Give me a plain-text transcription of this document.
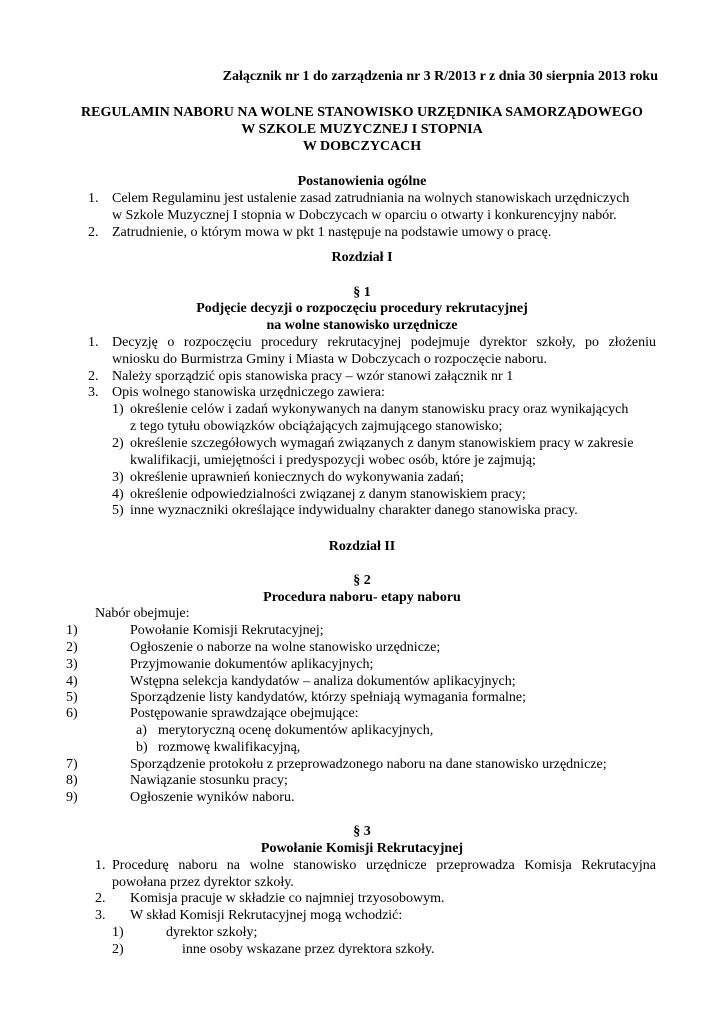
Załącznik nr 1 do zarządzenia nr 3 R/2013 r z dnia 30 sierpnia 2013 roku
REGULAMIN NABORU NA WOLNE STANOWISKO URZĘDNIKA SAMORZĄDOWEGO
W SZKOLE MUZYCZNEJ I STOPNIA
W DOBCZYCACH
Postanowienia ogólne
1. Celem Regulaminu jest ustalenie zasad zatrudniania na wolnych stanowiskach urzędniczych
w Szkole Muzycznej I stopnia w Dobczycach w oparciu o otwarty i konkurencyjny nabór.
2. Zatrudnienie, o którym mowa w pkt 1 następuje na podstawie umowy o pracę.
Rozdział I
§ 1
Podjęcie decyzji o rozpoczęciu procedury rekrutacyjnej
na wolne stanowisko urzędnicze
1. Decyzję o rozpoczęciu procedury rekrutacyjnej podejmuje dyrektor szkoły, po złożeniu
wniosku do Burmistrza Gminy i Miasta w Dobczycach o rozpoczęcie naboru.
2. Należy sporządzić opis stanowiska pracy – wzór stanowi załącznik nr 1
3. Opis wolnego stanowiska urzędniczego zawiera:
1) określenie celów i zadań wykonywanych na danym stanowisku pracy oraz wynikających
z tego tytułu obowiązków obciążających zajmującego stanowisko;
2) określenie szczegółowych wymagań związanych z danym stanowiskiem pracy w zakresie
kwalifikacji, umiejętności i predyspozycji wobec osób, które je zajmują;
3) określenie uprawnień koniecznych do wykonywania zadań;
4) określenie odpowiedzialności związanej z danym stanowiskiem pracy;
5) inne wyznaczniki określające indywidualny charakter danego stanowiska pracy.
Rozdział II
§ 2
Procedura naboru- etapy naboru
Nabór obejmuje:
1)	Powołanie Komisji Rekrutacyjnej;
2)	Ogłoszenie o naborze na wolne stanowisko urzędnicze;
3)	Przyjmowanie dokumentów aplikacyjnych;
4)	Wstępna selekcja kandydatów – analiza dokumentów aplikacyjnych;
5)	Sporządzenie listy kandydatów, którzy spełniają wymagania formalne;
6)	Postępowanie sprawdzające obejmujące:
a) merytoryczną ocenę dokumentów aplikacyjnych,
b) rozmowę kwalifikacyjną,
7)	Sporządzenie protokołu z przeprowadzonego naboru na dane stanowisko urzędnicze;
8)	Nawiązanie stosunku pracy;
9)	Ogłoszenie wyników naboru.
§ 3
Powołanie Komisji Rekrutacyjnej
1. Procedurę naboru na wolne stanowisko urzędnicze przeprowadza Komisja Rekrutacyjna
powołana przez dyrektor szkoły.
2. Komisja pracuje w składzie co najmniej trzyosobowym.
3. W skład Komisji Rekrutacyjnej mogą wchodzić:
1)	dyrektor szkoły;
2)	inne osoby wskazane przez dyrektora szkoły.
